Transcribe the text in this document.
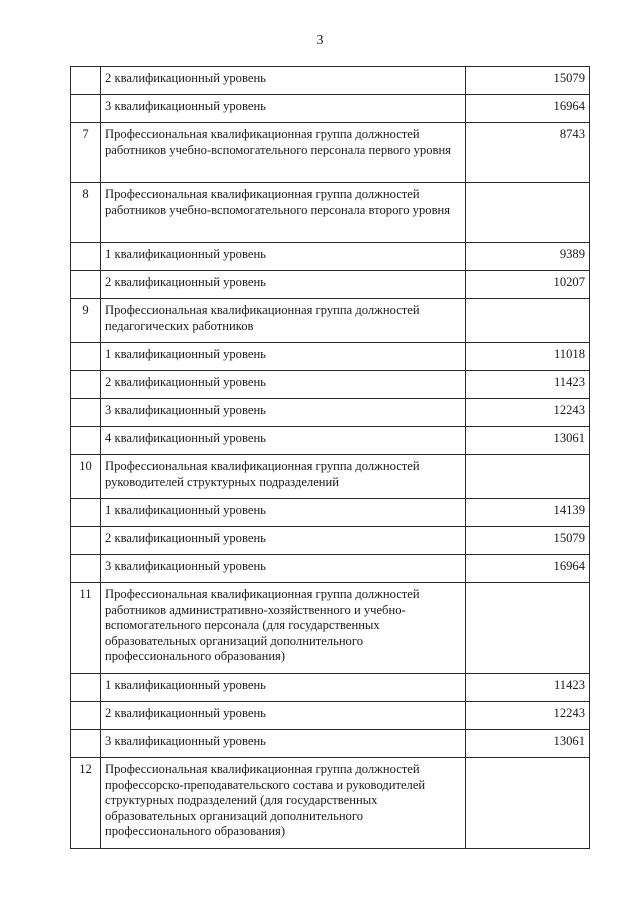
3
	2 квалификационный уровень	15079
	3 квалификационный уровень	16964
7	Профессиональная квалификационная группа должностей работников учебно-вспомогательного персонала первого уровня	8743
8	Профессиональная квалификационная группа должностей работников учебно-вспомогательного персонала второго уровня	
	1 квалификационный уровень	9389
	2 квалификационный уровень	10207
9	Профессиональная квалификационная группа должностей педагогических работников	
	1 квалификационный уровень	11018
	2 квалификационный уровень	11423
	3 квалификационный уровень	12243
	4 квалификационный уровень	13061
10	Профессиональная квалификационная группа должностей руководителей структурных подразделений	
	1 квалификационный уровень	14139
	2 квалификационный уровень	15079
	3 квалификационный уровень	16964
11	Профессиональная квалификационная группа должностей работников административно-хозяйственного и учебно-вспомогательного персонала (для государственных образовательных организаций дополнительного профессионального образования)	
	1 квалификационный уровень	11423
	2 квалификационный уровень	12243
	3 квалификационный уровень	13061
12	Профессиональная квалификационная группа должностей профессорско-преподавательского состава и руководителей структурных подразделений (для государственных образовательных организаций дополнительного профессионального образования)	
